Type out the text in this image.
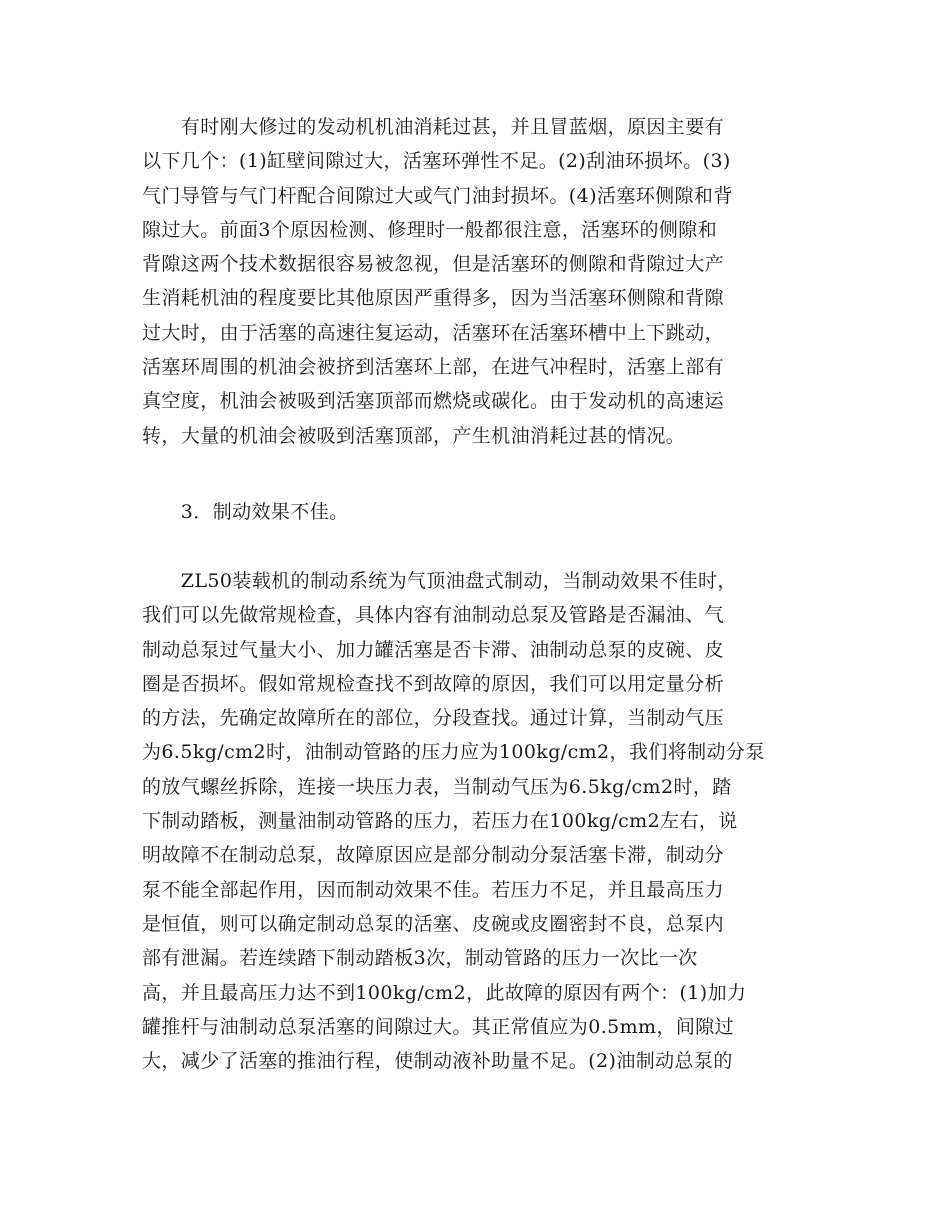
　　有时刚大修过的发动机机油消耗过甚，并且冒蓝烟，原因主要有
以下几个：(1)缸壁间隙过大，活塞环弹性不足。(2)刮油环损坏。(3)
气门导管与气门杆配合间隙过大或气门油封损坏。(4)活塞环侧隙和背
隙过大。前面3个原因检测、修理时一般都很注意，活塞环的侧隙和
背隙这两个技术数据很容易被忽视，但是活塞环的侧隙和背隙过大产
生消耗机油的程度要比其他原因严重得多，因为当活塞环侧隙和背隙
过大时，由于活塞的高速往复运动，活塞环在活塞环槽中上下跳动，
活塞环周围的机油会被挤到活塞环上部，在进气冲程时，活塞上部有
真空度，机油会被吸到活塞顶部而燃烧或碳化。由于发动机的高速运
转，大量的机油会被吸到活塞顶部，产生机油消耗过甚的情况。
　　3．制动效果不佳。
　　ZL50装载机的制动系统为气顶油盘式制动，当制动效果不佳时，
我们可以先做常规检查，具体内容有油制动总泵及管路是否漏油、气
制动总泵过气量大小、加力罐活塞是否卡滞、油制动总泵的皮碗、皮
圈是否损坏。假如常规检查找不到故障的原因，我们可以用定量分析
的方法，先确定故障所在的部位，分段查找。通过计算，当制动气压
为6.5kg/cm2时，油制动管路的压力应为100kg/cm2，我们将制动分泵
的放气螺丝拆除，连接一块压力表，当制动气压为6.5kg/cm2时，踏
下制动踏板，测量油制动管路的压力，若压力在100kg/cm2左右，说
明故障不在制动总泵，故障原因应是部分制动分泵活塞卡滞，制动分
泵不能全部起作用，因而制动效果不佳。若压力不足，并且最高压力
是恒值，则可以确定制动总泵的活塞、皮碗或皮圈密封不良，总泵内
部有泄漏。若连续踏下制动踏板3次，制动管路的压力一次比一次
高，并且最高压力达不到100kg/cm2，此故障的原因有两个：(1)加力
罐推杆与油制动总泵活塞的间隙过大。其正常值应为0.5mm，间隙过
大，减少了活塞的推油行程，使制动液补助量不足。(2)油制动总泵的
